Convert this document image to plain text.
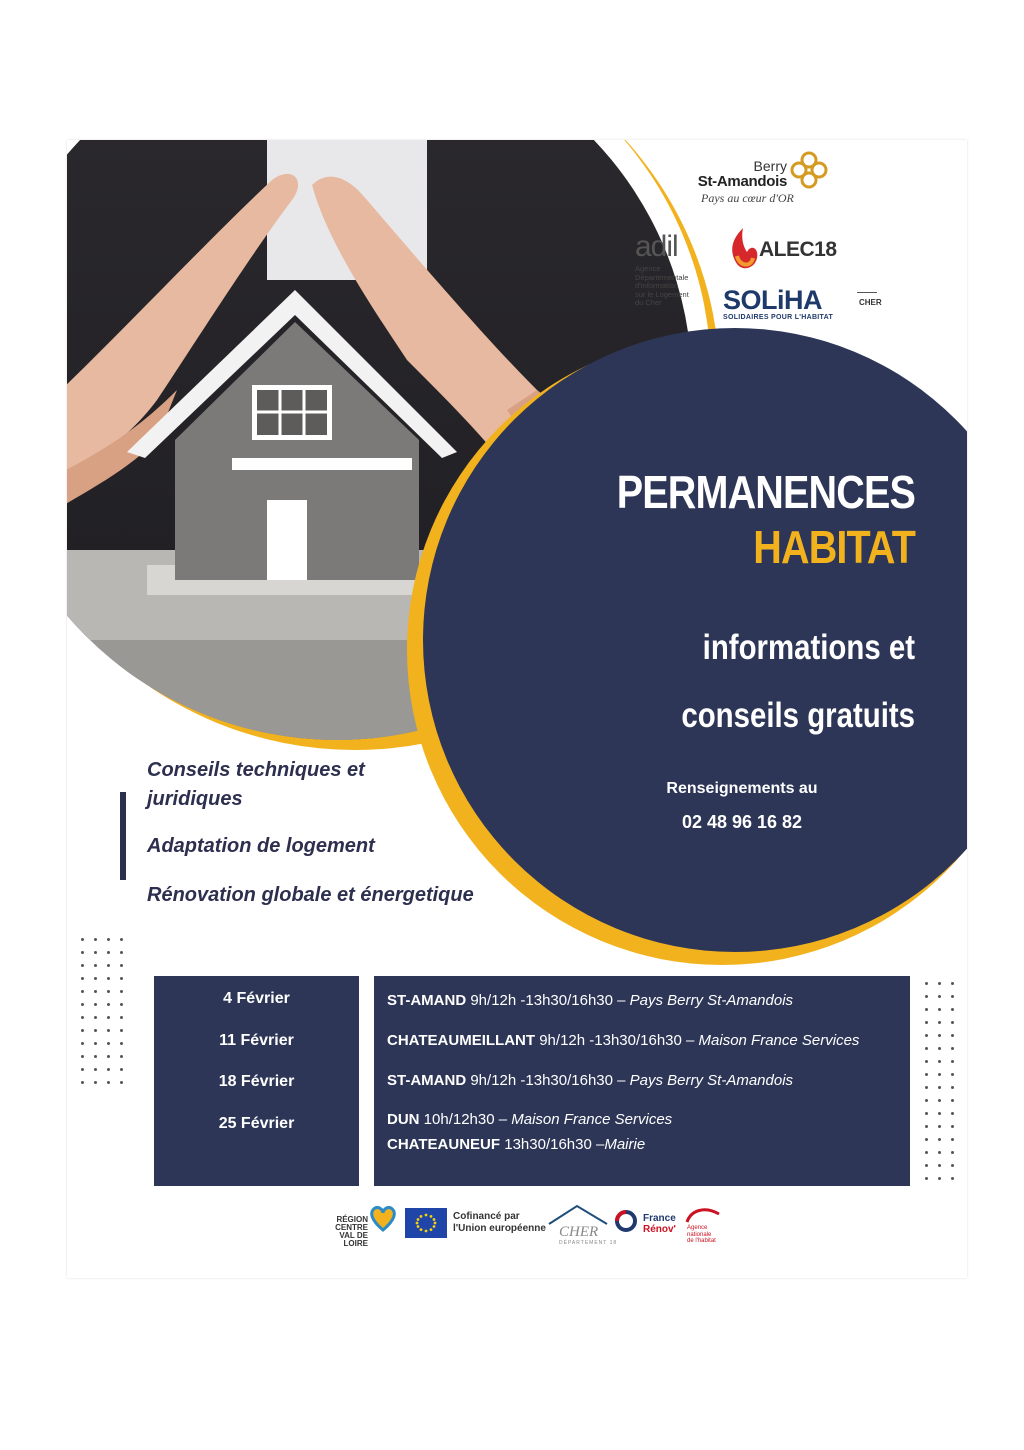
Berry
St-Amandois
Pays au cœur d'OR
adil
Agence Départementale
d'Information
sur le Logement
du Cher
ALEC18
SOLiHA
SOLIDAIRES POUR L'HABITAT
CHER
PERMANENCES
HABITAT
informations et
conseils gratuits
Renseignements au
02 48 96 16 82
Conseils techniques et juridiques
Adaptation de logement
Rénovation globale et énergetique
4 Février
11 Février
18 Février
25 Février
ST-AMAND 9h/12h -13h30/16h30 – Pays Berry St-Amandois
CHATEAUMEILLANT 9h/12h -13h30/16h30 – Maison France Services
ST-AMAND 9h/12h -13h30/16h30 – Pays Berry St-Amandois
DUN 10h/12h30 – Maison France Services
CHATEAUNEUF 13h30/16h30 –Mairie
RÉGION
CENTRE
VAL DE LOIRE
Cofinancé par
l'Union européenne CHER
DÉPARTEMENT 18
France
Rénov' Agence
nationale
de l'habitat
